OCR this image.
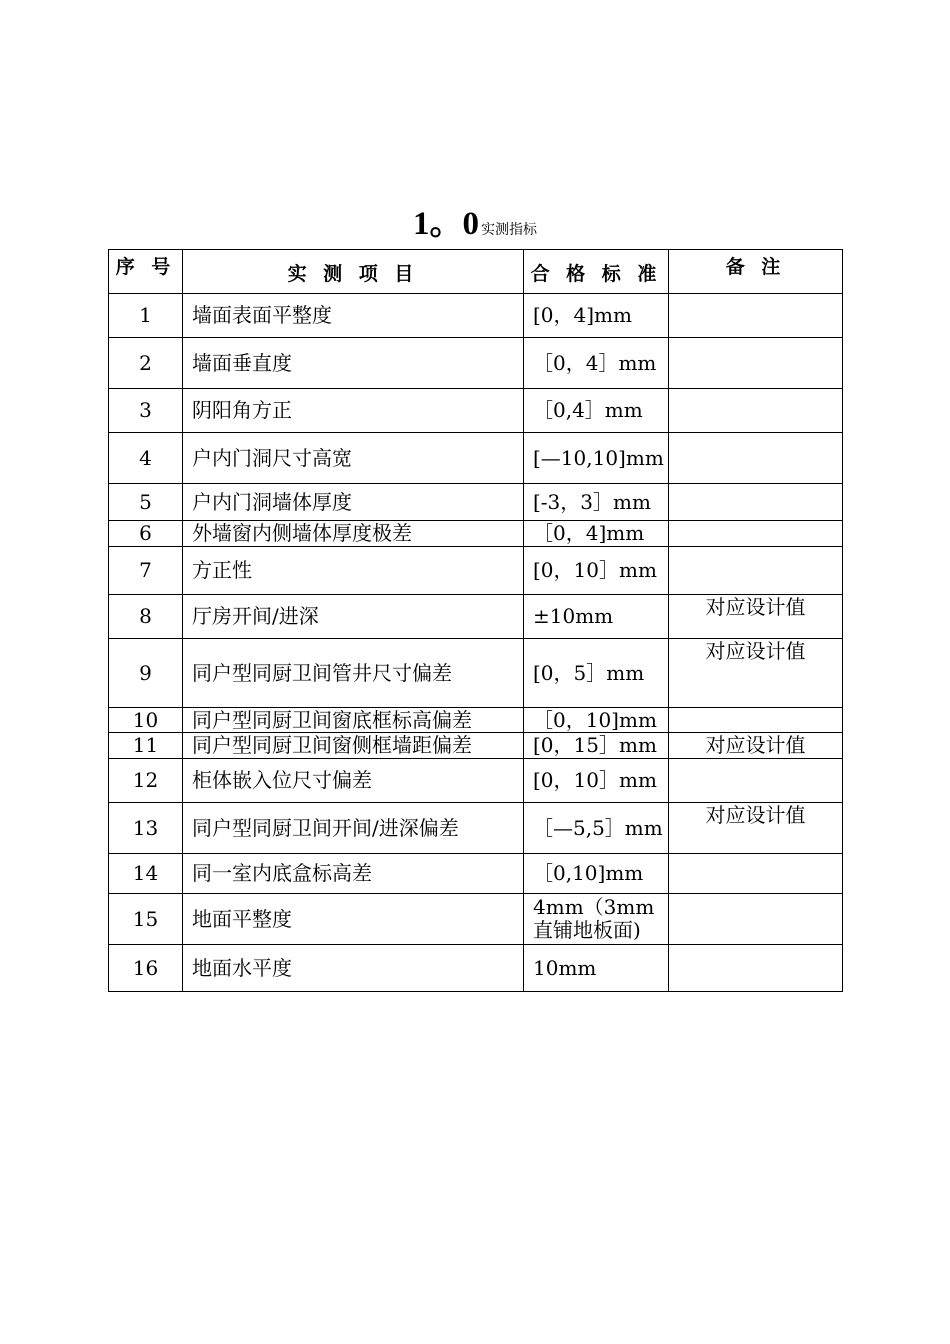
1。0 实测指标
序 号	实 测 项 目	合 格 标 准	备 注
1	墙面表面平整度	[0，4]mm	
2	墙面垂直度	［0，4］mm	
3	阴阳角方正	［0,4］mm	
4	户内门洞尺寸高宽	[—10,10]mm	
5	户内门洞墙体厚度	[-3，3］mm	
6	外墙窗内侧墙体厚度极差	［0，4]mm	
7	方正性	[0，10］mm	
8	厅房开间/进深	±10mm	对应设计值
9	同户型同厨卫间管井尺寸偏差	[0，5］mm	对应设计值
10	同户型同厨卫间窗底框标高偏差	［0，10]mm	
11	同户型同厨卫间窗侧框墙距偏差	[0，15］mm	对应设计值
12	柜体嵌入位尺寸偏差	[0，10］mm	
13	同户型同厨卫间开间/进深偏差	［—5,5］mm	对应设计值
14	同一室内底盒标高差	［0,10]mm	
15	地面平整度	4mm（3mm直铺地板面)	
16	地面水平度	10mm	
